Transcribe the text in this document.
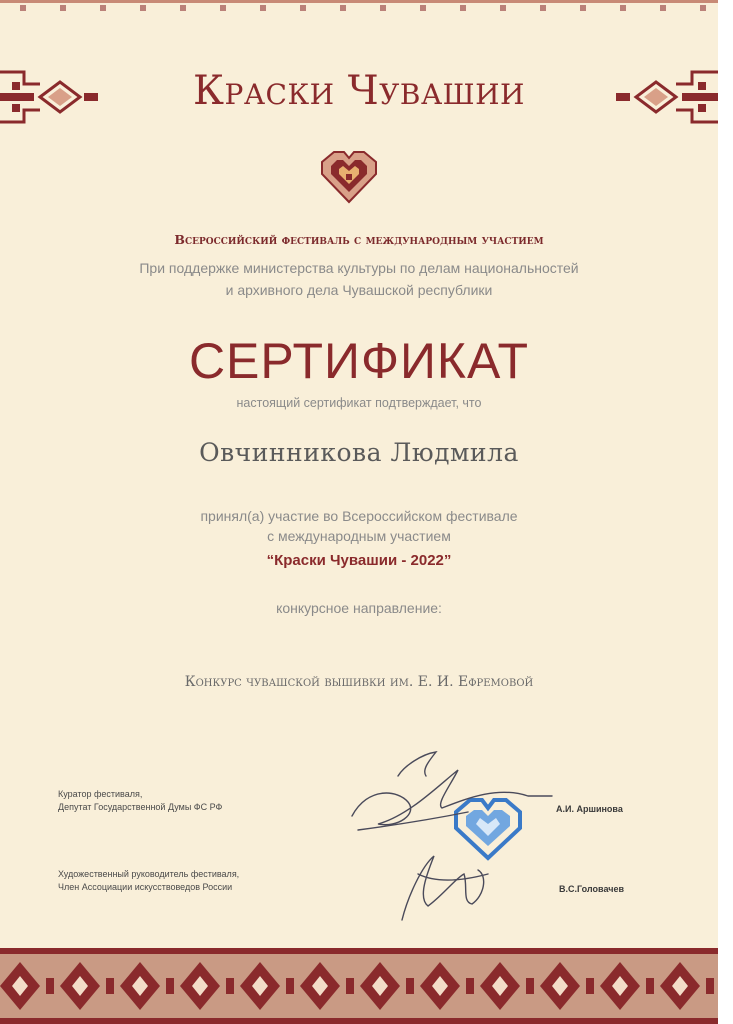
Краски Чувашии
Всероссийский фестиваль с международным участием
При поддержке министерства культуры по делам национальностей
и архивного дела Чувашской республики
СЕРТИФИКАТ
настоящий сертификат подтверждает, что
Овчинникова Людмила
принял(а) участие во Всероссийском фестивале
с международным участием
“Краски Чувашии - 2022”
конкурсное направление:
Конкурс чувашской вышивки им. Е. И. Ефремовой
Куратор фестиваля,
Депутат Государственной Думы ФС РФ
Художественный руководитель фестиваля,
Член Ассоциации искусствоведов России
А.И. Аршинова
В.С.Головачев
